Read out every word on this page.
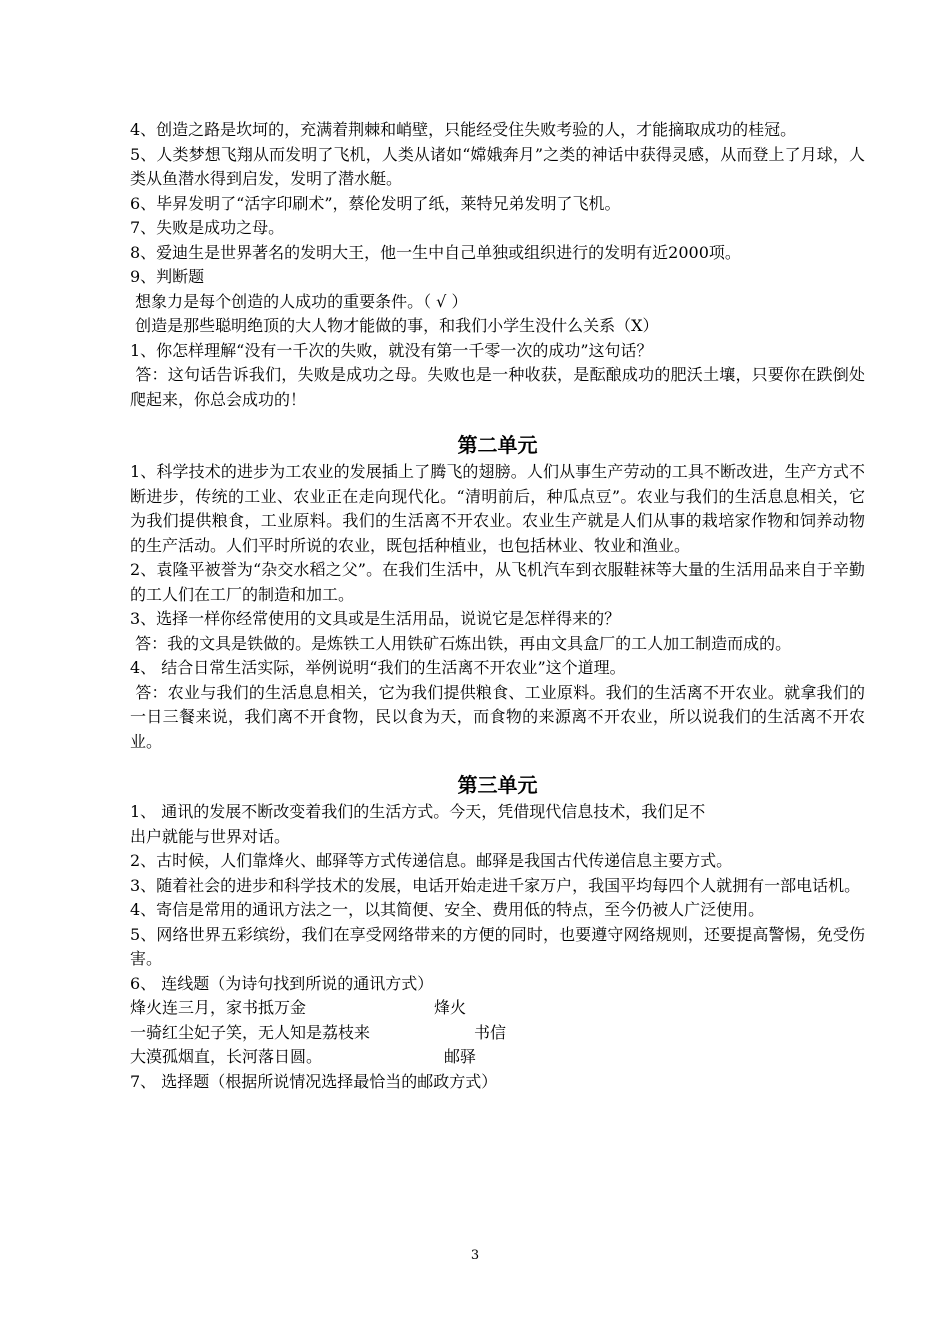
4、创造之路是坎坷的，充满着荆棘和峭壁，只能经受住失败考验的人，才能摘取成功的桂冠。

5、人类梦想飞翔从而发明了飞机，人类从诸如“嫦娥奔月”之类的神话中获得灵感，从而登上了月球，人类从鱼潜水得到启发，发明了潜水艇。

6、毕昇发明了“活字印刷术”，蔡伦发明了纸，莱特兄弟发明了飞机。

7、失败是成功之母。

8、爱迪生是世界著名的发明大王，他一生中自己单独或组织进行的发明有近2000项。

9、判断题

想象力是每个创造的人成功的重要条件。（ √ ）

创造是那些聪明绝顶的大人物才能做的事，和我们小学生没什么关系（X）

1、你怎样理解“没有一千次的失败，就没有第一千零一次的成功”这句话？

答：这句话告诉我们，失败是成功之母。失败也是一种收获，是酝酿成功的肥沃土壤，只要你在跌倒处爬起来，你总会成功的！

第二单元

1、科学技术的进步为工农业的发展插上了腾飞的翅膀。人们从事生产劳动的工具不断改进，生产方式不断进步，传统的工业、农业正在走向现代化。“清明前后，种瓜点豆”。农业与我们的生活息息相关，它为我们提供粮食，工业原料。我们的生活离不开农业。农业生产就是人们从事的栽培家作物和饲养动物的生产活动。人们平时所说的农业，既包括种植业，也包括林业、牧业和渔业。

2、袁隆平被誉为“杂交水稻之父”。在我们生活中，从飞机汽车到衣服鞋袜等大量的生活用品来自于辛勤的工人们在工厂的制造和加工。

3、选择一样你经常使用的文具或是生活用品，说说它是怎样得来的？

答：我的文具是铁做的。是炼铁工人用铁矿石炼出铁，再由文具盒厂的工人加工制造而成的。

4、 结合日常生活实际，举例说明“我们的生活离不开农业”这个道理。

答：农业与我们的生活息息相关，它为我们提供粮食、工业原料。我们的生活离不开农业。就拿我们的一日三餐来说，我们离不开食物，民以食为天，而食物的来源离不开农业，所以说我们的生活离不开农业。

第三单元

1、 通讯的发展不断改变着我们的生活方式。今天，凭借现代信息技术，我们足不

出户就能与世界对话。

2、古时候，人们靠烽火、邮驿等方式传递信息。邮驿是我国古代传递信息主要方式。

3、随着社会的进步和科学技术的发展，电话开始走进千家万户，我国平均每四个人就拥有一部电话机。

4、寄信是常用的通讯方法之一，以其简便、安全、费用低的特点，至今仍被人广泛使用。

5、网络世界五彩缤纷，我们在享受网络带来的方便的同时，也要遵守网络规则，还要提高警惕，免受伤害。

6、 连线题（为诗句找到所说的通讯方式）

烽火连三月，家书抵万金	烽火
一骑红尘妃子笑，无人知是荔枝来	书信
大漠孤烟直，长河落日圆。	邮驿

7、 选择题（根据所说情况选择最恰当的邮政方式）

3
